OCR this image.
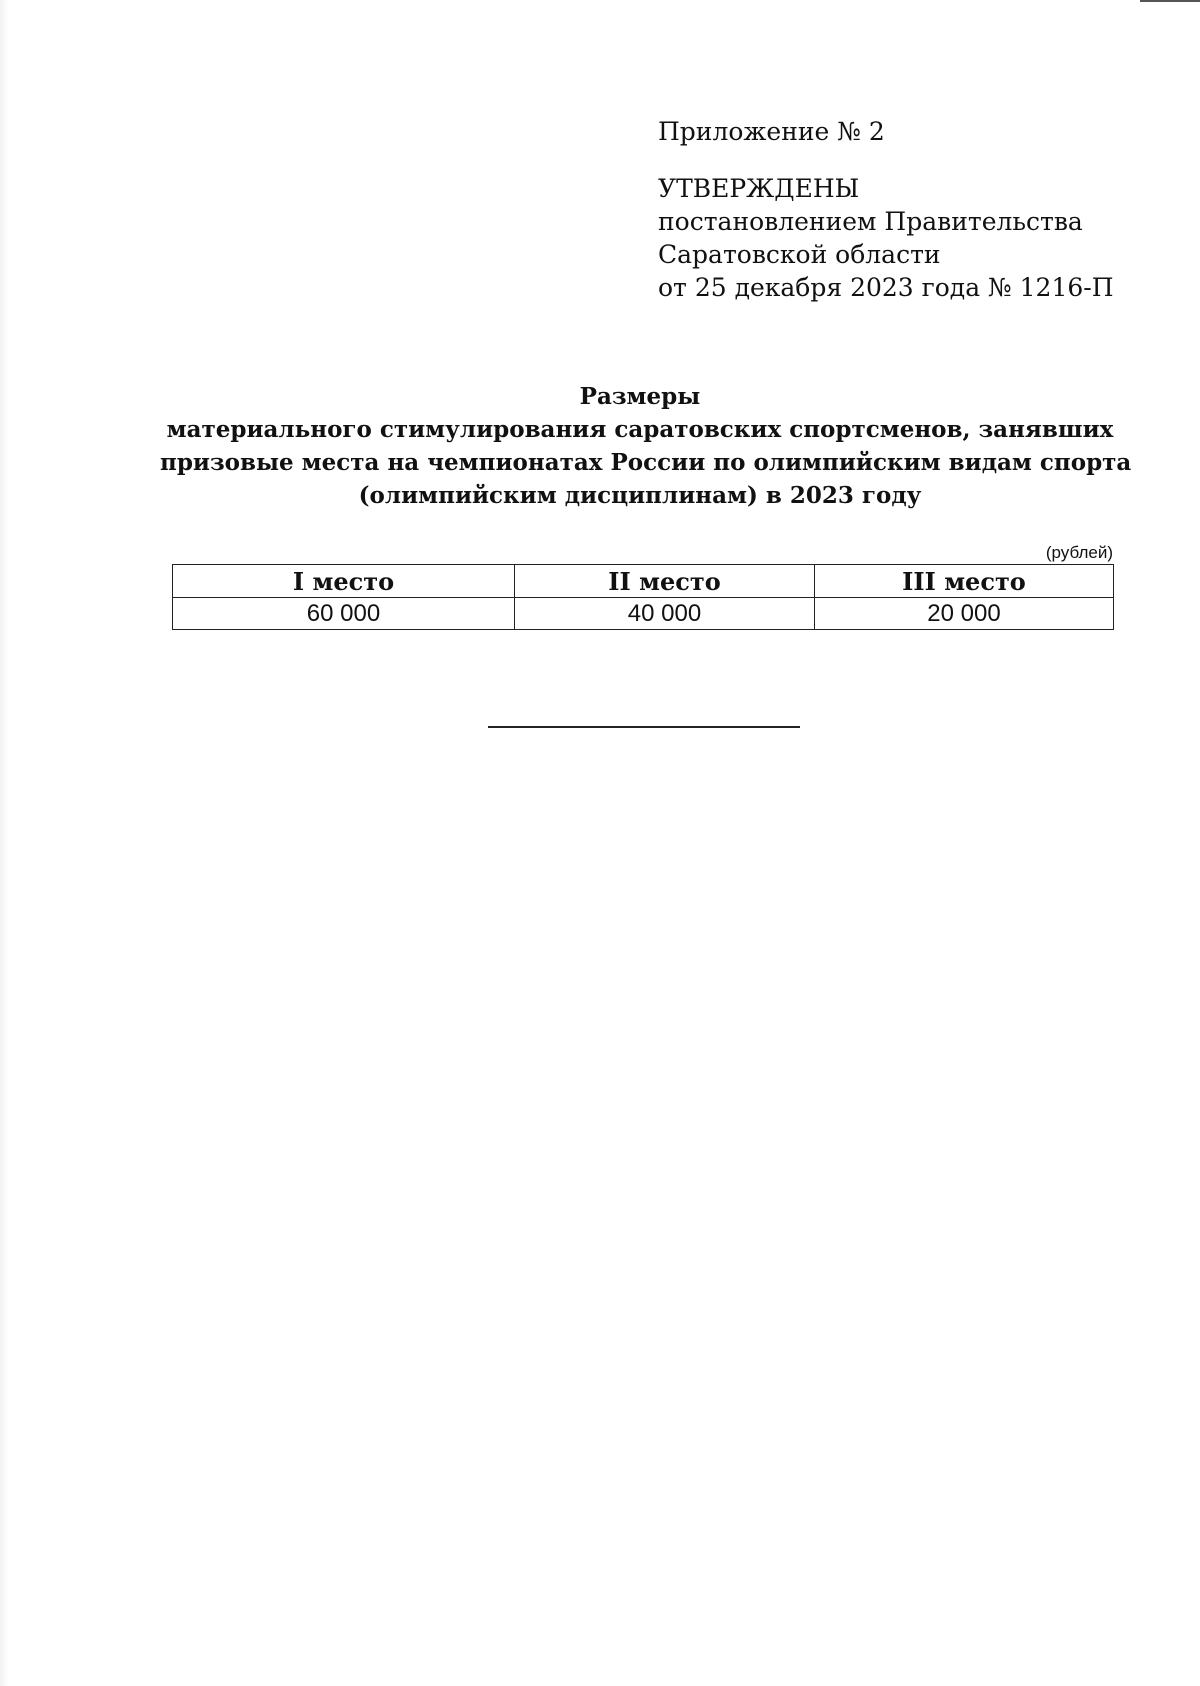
Приложение № 2
УТВЕРЖДЕНЫ
постановлением Правительства
Саратовской области
от 25 декабря 2023 года № 1216-П
Размеры
материального стимулирования саратовских спортсменов, занявших
призовые места на чемпионатах России по олимпийским видам спорта
(олимпийским дисциплинам) в 2023 году
(рублей)
I место	II место	III место
60 000	40 000	20 000
